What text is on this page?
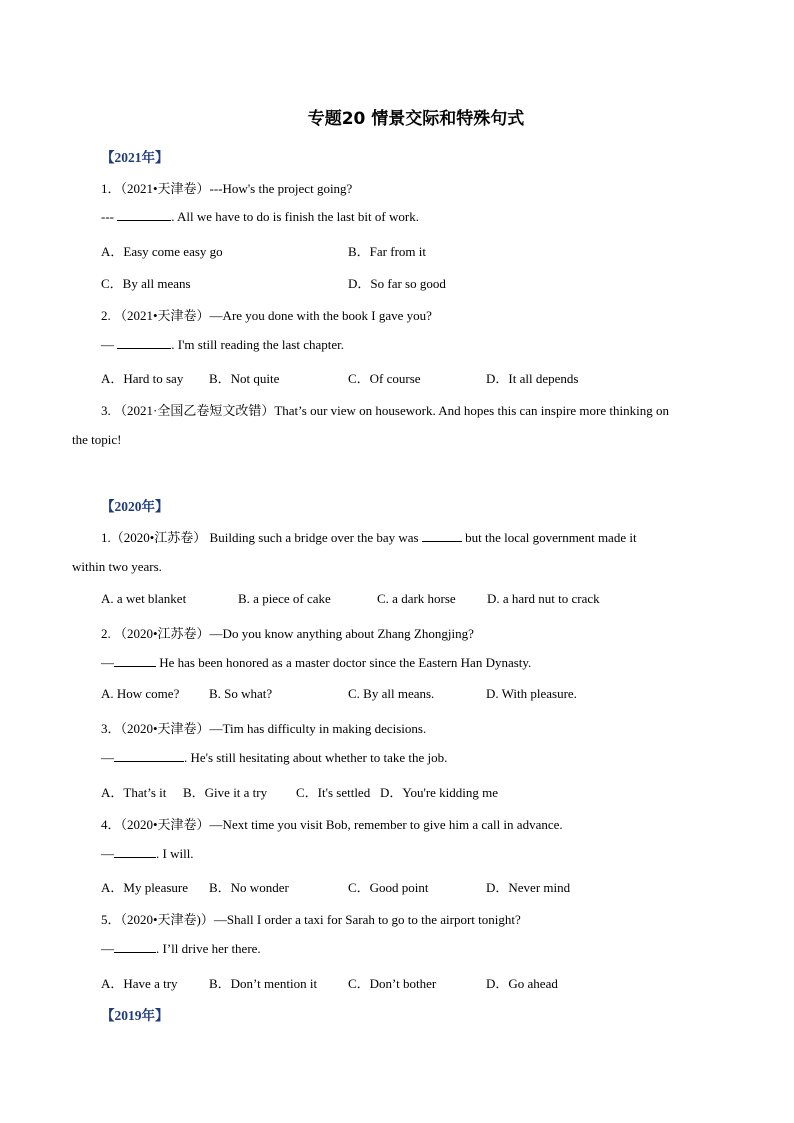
专题20 情景交际和特殊句式
【2021年】
1．（2021•天津卷）---How's the project going?
---	. All we have to do is finish the last bit of work.
A．Easy come easy go	B．Far from it
C．By all means	D．So far so good
2. （2021•天津卷）—Are you done with the book I gave you?
—	. I'm still reading the last chapter.
A．Hard to say B．Not quite	C．Of course	D．It all depends
3. （2021·全国乙卷短文改错）That’s our view on housework. And hopes this can inspire more thinking on
the topic!
【2020年】
1.（2020•江苏卷） Building such a bridge over the bay was	but the local government made it
within two years.
A. a wet blanket	B. a piece of cake	C. a dark horse D. a hard nut to crack
2. （2020•江苏卷）—Do you know anything about Zhang Zhongjing?
—	He has been honored as a master doctor since the Eastern Han Dynasty.
A. How come? B. So what?	C. By all means.	D. With pleasure.
3．（2020•天津卷）—Tim has difficulty in making decisions.
—	. He's still hesitating about whether to take the job.
A．That’s it B．Give it a try C．It's settled D．You're kidding me
4．（2020•天津卷）—Next time you visit Bob, remember to give him a call in advance.
—	. I will.
A．My pleasure B．No wonder	C．Good point	D．Never mind
5．（2020•天津卷)）—Shall I order a taxi for Sarah to go to the airport tonight?
—	. I’ll drive her there.
A．Have a try B．Don’t mention it C．Don’t bother	D．Go ahead
【2019年】
